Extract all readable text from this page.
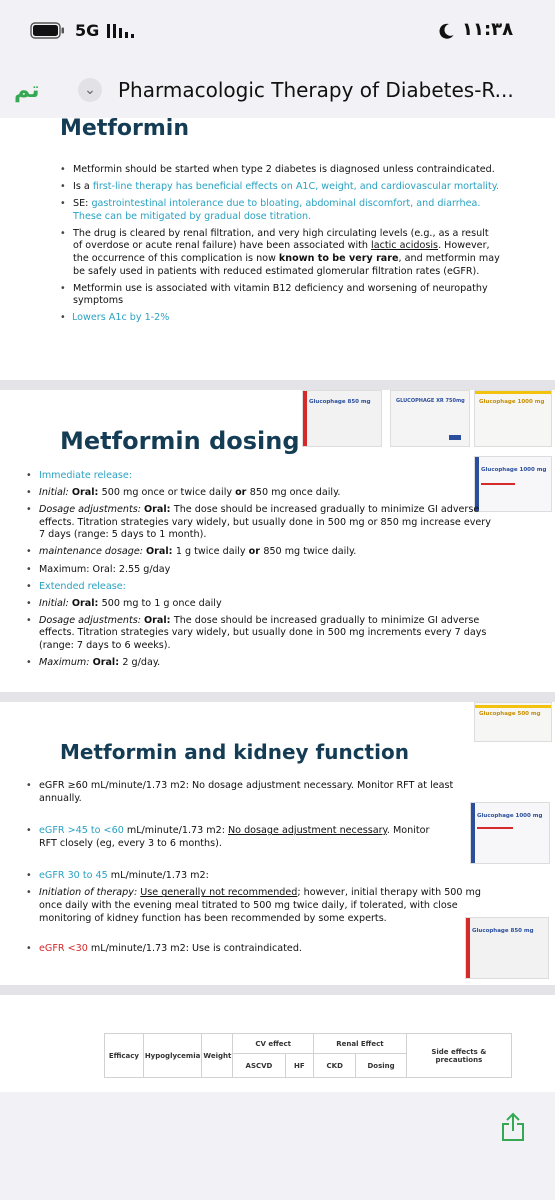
5G	١١:٣٨
تم	⌄	Pharmacologic Therapy of Diabetes-R...
Metformin
• Metformin should be started when type 2 diabetes is diagnosed unless contraindicated.
• Is a first-line therapy has beneficial effects on A1C, weight, and cardiovascular mortality.
• SE: gastrointestinal intolerance due to bloating, abdominal discomfort, and diarrhea. These can be mitigated by gradual dose titration.
• The drug is cleared by renal filtration, and very high circulating levels (e.g., as a result of overdose or acute renal failure) have been associated with lactic acidosis. However, the occurrence of this complication is now known to be very rare, and metformin may be safely used in patients with reduced estimated glomerular filtration rates (eGFR).
• Metformin use is associated with vitamin B12 deficiency and worsening of neuropathy symptoms
• Lowers A1c by 1-2%
Glucophage 850 mg	GLUCOPHAGE XR 750mg	Glucophage 1000 mg
Glucophage 1000 mg
Metformin dosing
• Immediate release:
• Initial: Oral: 500 mg once or twice daily or 850 mg once daily.
• Dosage adjustments: Oral: The dose should be increased gradually to minimize GI adverse effects. Titration strategies vary widely, but usually done in 500 mg or 850 mg increase every 7 days (range: 5 days to 1 month).
• maintenance dosage: Oral: 1 g twice daily or 850 mg twice daily.
• Maximum: Oral: 2.55 g/day
• Extended release:
• Initial: Oral: 500 mg to 1 g once daily
• Dosage adjustments: Oral: The dose should be increased gradually to minimize GI adverse effects. Titration strategies vary widely, but usually done in 500 mg increments every 7 days (range: 7 days to 6 weeks).
• Maximum: Oral: 2 g/day.
Glucophage 500 mg
Metformin and kidney function
• eGFR ≥60 mL/minute/1.73 m2: No dosage adjustment necessary. Monitor RFT at least annually.
• eGFR >45 to <60 mL/minute/1.73 m2: No dosage adjustment necessary. Monitor RFT closely (eg, every 3 to 6 months).
• eGFR 30 to 45 mL/minute/1.73 m2:
• Initiation of therapy: Use generally not recommended; however, initial therapy with 500 mg once daily with the evening meal titrated to 500 mg twice daily, if tolerated, with close monitoring of kidney function has been recommended by some experts.
• eGFR <30 mL/minute/1.73 m2: Use is contraindicated.
Glucophage 1000 mg
Glucophage 850 mg
Efficacy	Hypoglycemia	Weight	CV effect		Renal Effect		Side effects & precautions
			ASCVD	HF	CKD	Dosing	
